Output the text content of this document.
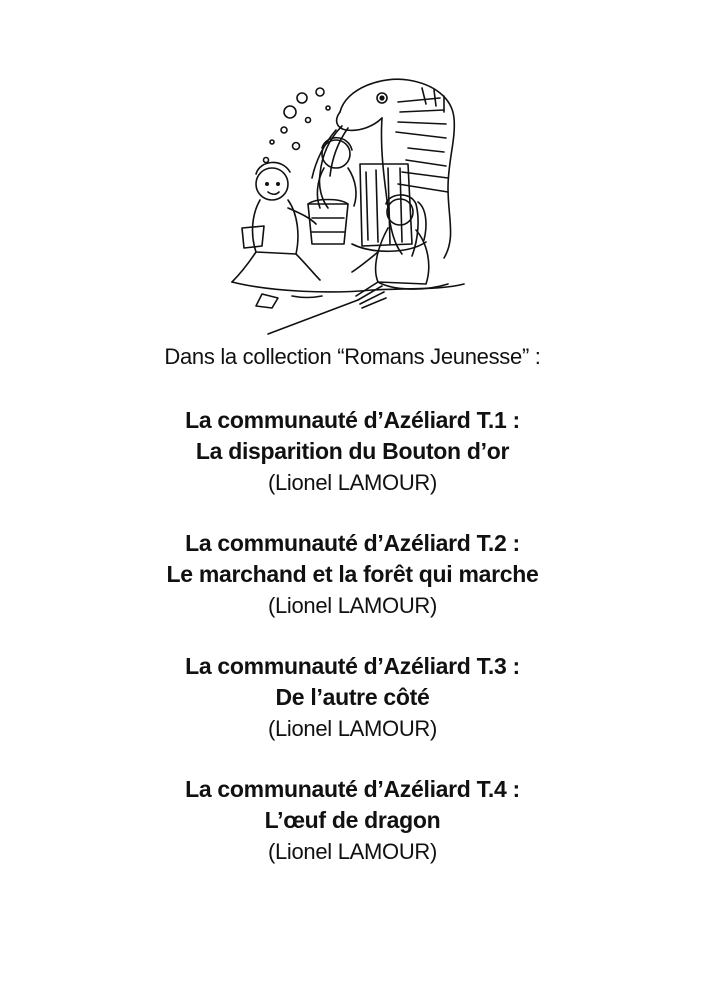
Dans la collection “Romans Jeunesse” :
La communauté d’Azéliard T.1 :
La disparition du Bouton d’or
(Lionel LAMOUR)
La communauté d’Azéliard T.2 :
Le marchand et la forêt qui marche
(Lionel LAMOUR)
La communauté d’Azéliard T.3 :
De l’autre côté
(Lionel LAMOUR)
La communauté d’Azéliard T.4 :
L’œuf de dragon
(Lionel LAMOUR)
